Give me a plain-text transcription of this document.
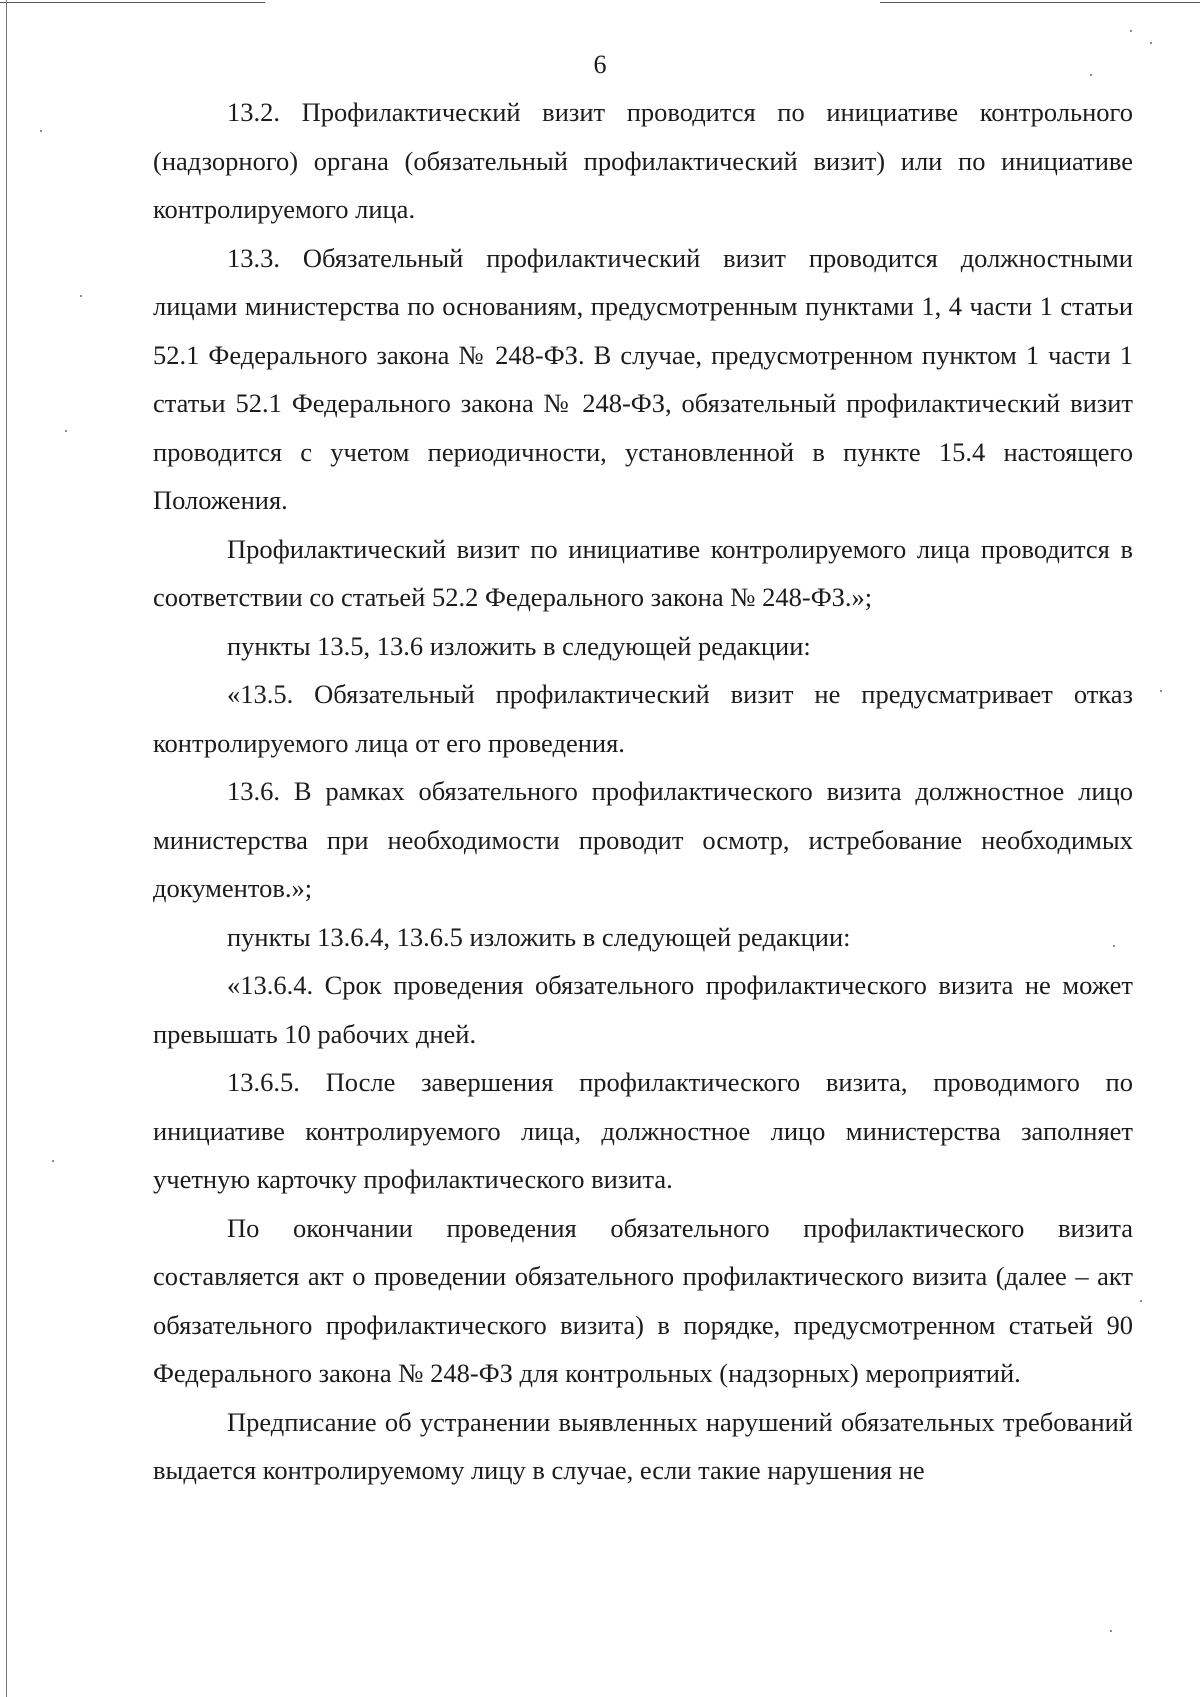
6

13.2. Профилактический визит проводится по инициативе контрольного (надзорного) органа (обязательный профилактический визит) или по инициативе контролируемого лица.

13.3. Обязательный профилактический визит проводится должностными лицами министерства по основаниям, предусмотренным пунктами 1, 4 части 1 статьи 52.1 Федерального закона № 248-ФЗ. В случае, предусмотренном пунктом 1 части 1 статьи 52.1 Федерального закона № 248-ФЗ, обязательный профилактический визит проводится с учетом периодичности, установленной в пункте 15.4 настоящего Положения.

Профилактический визит по инициативе контролируемого лица проводится в соответствии со статьей 52.2 Федерального закона № 248-ФЗ.»;

пункты 13.5, 13.6 изложить в следующей редакции:

«13.5. Обязательный профилактический визит не предусматривает отказ контролируемого лица от его проведения.

13.6. В рамках обязательного профилактического визита должностное лицо министерства при необходимости проводит осмотр, истребование необходимых документов.»;

пункты 13.6.4, 13.6.5 изложить в следующей редакции:

«13.6.4. Срок проведения обязательного профилактического визита не может превышать 10 рабочих дней.

13.6.5. После завершения профилактического визита, проводимого по инициативе контролируемого лица, должностное лицо министерства заполняет учетную карточку профилактического визита.

По окончании проведения обязательного профилактического визита составляется акт о проведении обязательного профилактического визита (далее – акт обязательного профилактического визита) в порядке, предусмотренном статьей 90 Федерального закона № 248-ФЗ для контрольных (надзорных) мероприятий.

Предписание об устранении выявленных нарушений обязательных требований выдается контролируемому лицу в случае, если такие нарушения не
